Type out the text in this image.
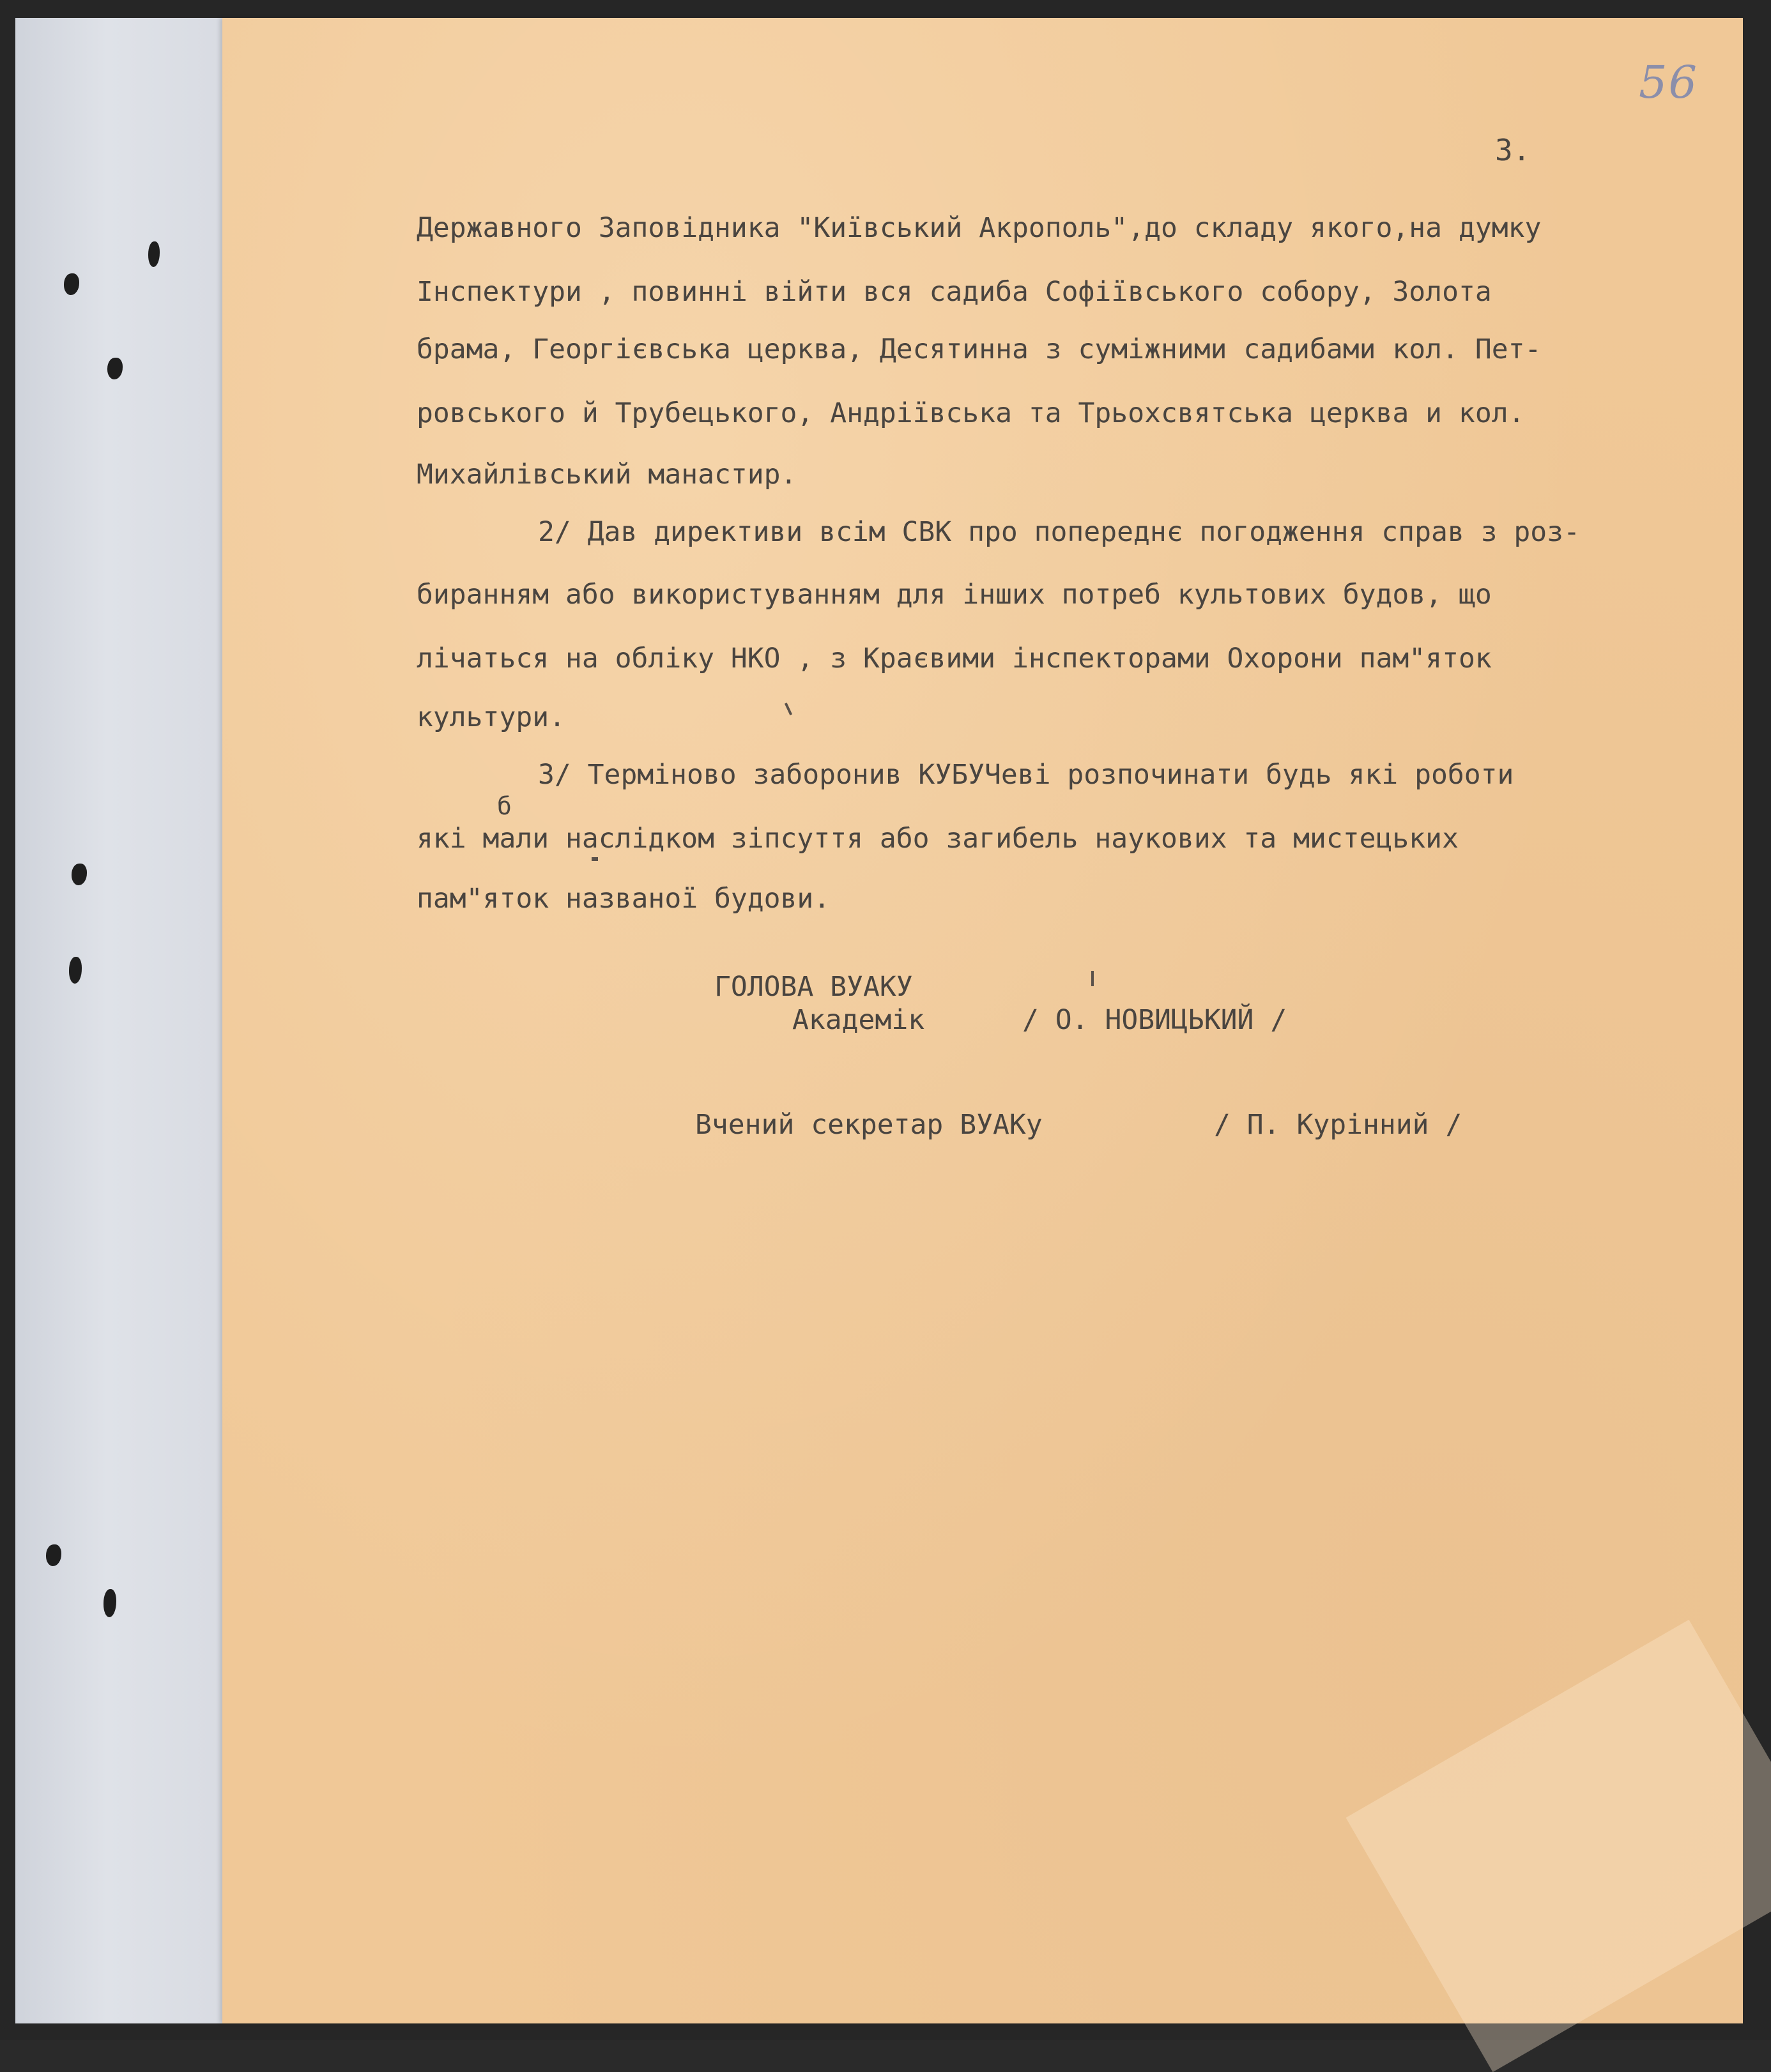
56
3.
Державного Заповідника "Київський Акрополь",до складу якого,на думку
Інспектури , повинні війти вся садиба Софіївського собору, Золота
брама, Георгієвська церква, Десятинна з суміжними садибами кол. Пет-
ровського й Трубецького, Андріївська та Трьохсвятська церква и кол.
Михайлівський манастир.
2/ Дав директиви всім СВК про попереднє погодження справ з роз-
биранням або використуванням для інших потреб культових будов, що
лічаться на обліку НКО , з Краєвими інспекторами Охорони пам"яток
культури.
3/ Терміново заборонив КУБУЧеві розпочинати будь які роботи
б
які мали наслідком зіпсуття або загибель наукових та мистецьких
пам"яток названої будови.
ГОЛОВА ВУАКУ
Академік	/ О. НОВИЦЬКИЙ /
Вчений секретар ВУАКу	/ П. Курінний /
